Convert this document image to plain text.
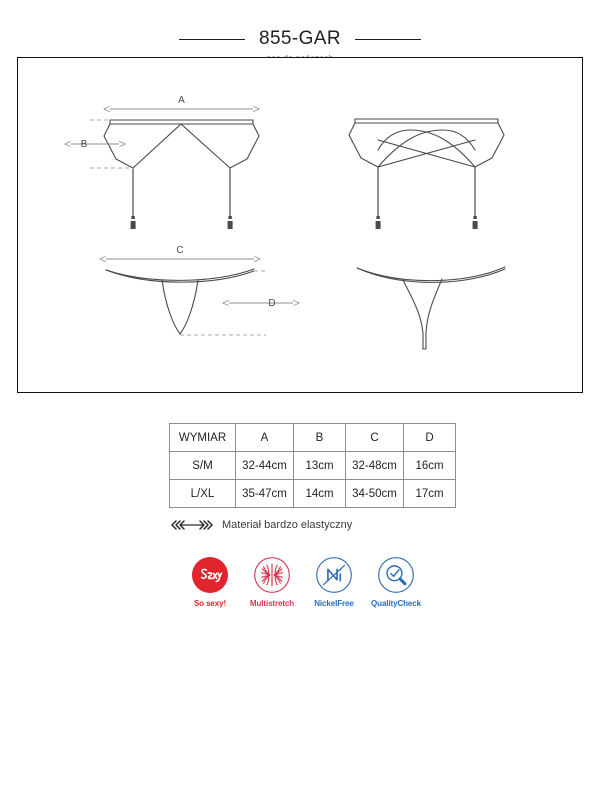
855-GAR
A
B
C
D
WYMIAR	A	B	C	D
S/M	32-44cm	13cm	32-48cm	16cm
L/XL	35-47cm	14cm	34-50cm	17cm
Materiał bardzo elastyczny
So sexy!	Multistretch	NickelFree QualityCheck
